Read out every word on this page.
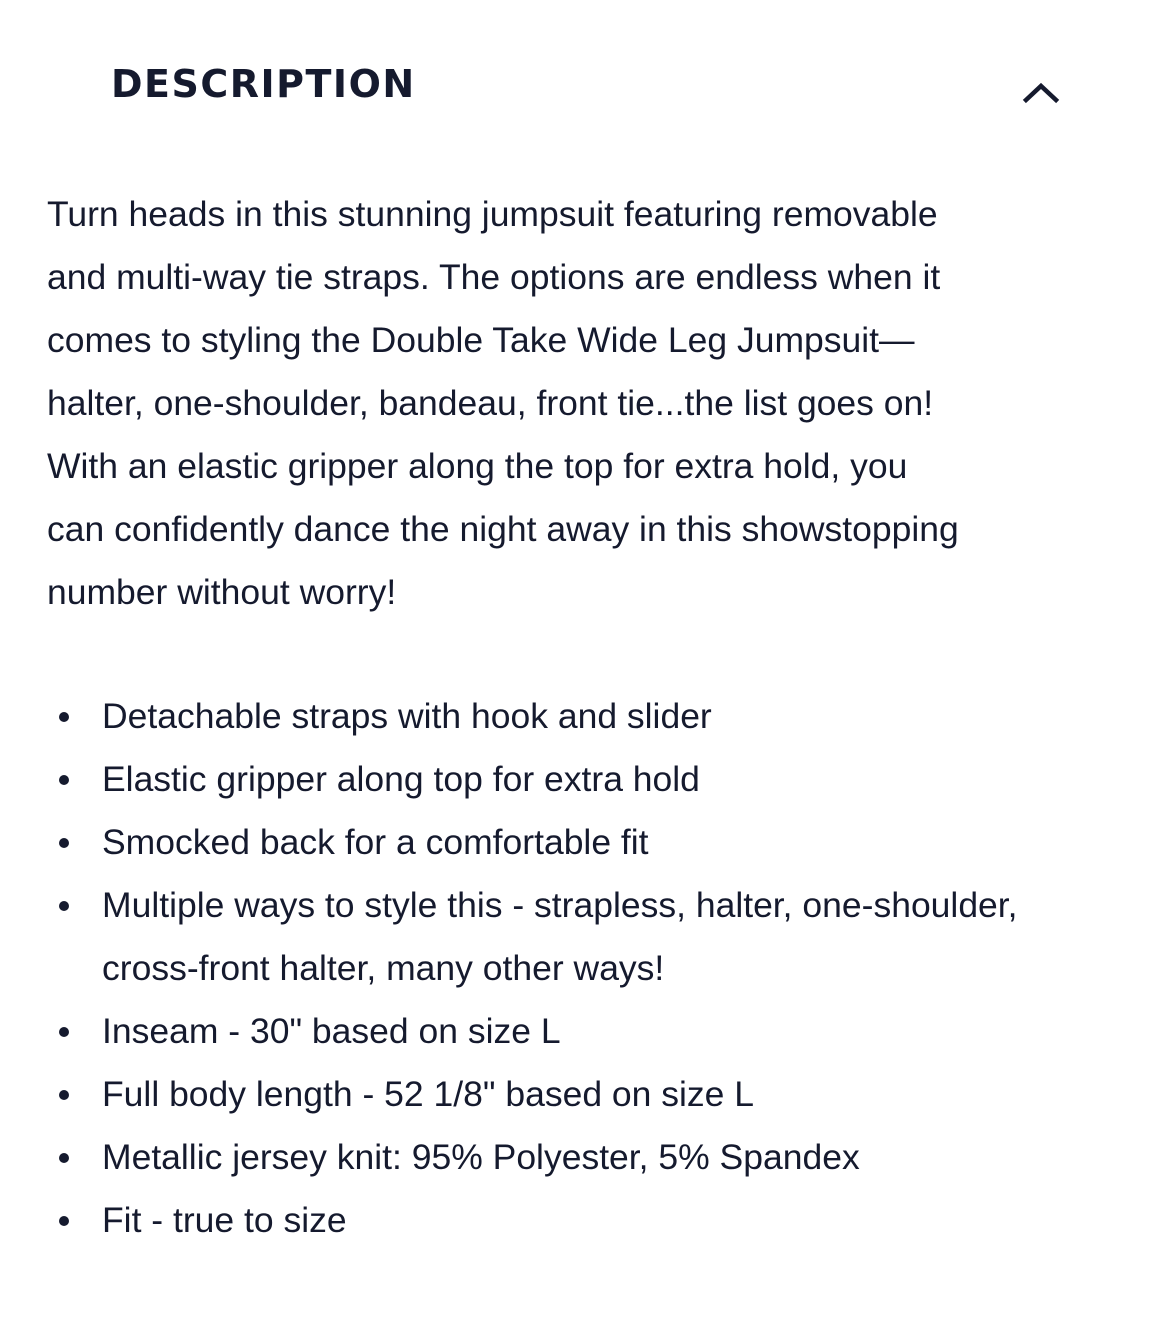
DESCRIPTION

Turn heads in this stunning jumpsuit featuring removable
and multi-way tie straps. The options are endless when it
comes to styling the Double Take Wide Leg Jumpsuit—
halter, one-shoulder, bandeau, front tie...the list goes on!
With an elastic gripper along the top for extra hold, you
can confidently dance the night away in this showstopping
number without worry!

Detachable straps with hook and slider
Elastic gripper along top for extra hold
Smocked back for a comfortable fit
Multiple ways to style this - strapless, halter, one-shoulder, cross-front halter, many other ways!
Inseam - 30" based on size L
Full body length - 52 1/8" based on size L
Metallic jersey knit: 95% Polyester, 5% Spandex
Fit - true to size
